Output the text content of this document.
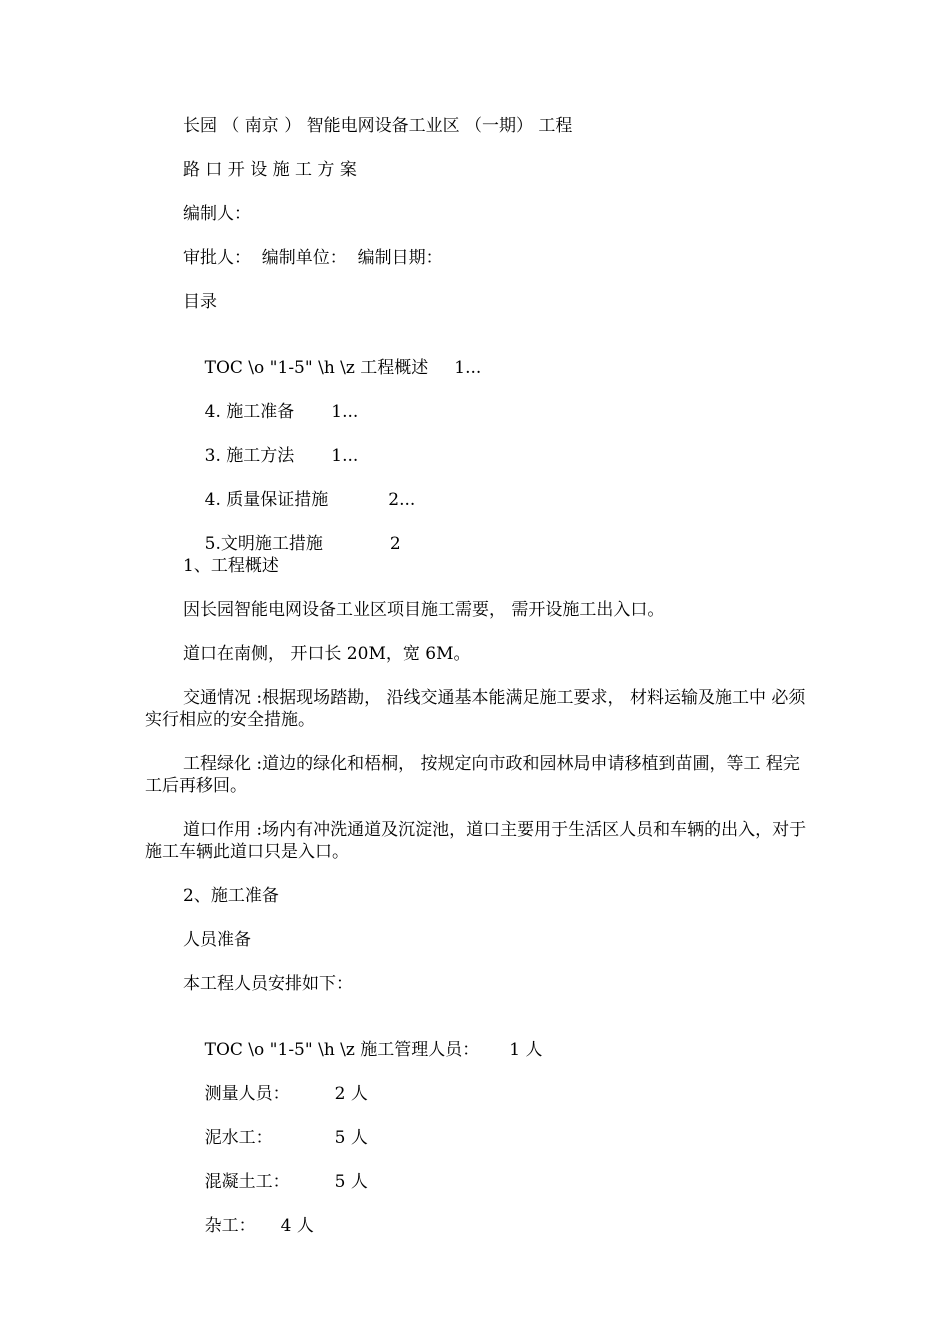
长园 （ 南京 ） 智能电网设备工业区 （一期） 工程
路 口 开 设 施 工 方 案
编制人：
审批人：  编制单位：  编制日期：
目录

TOC \o "1-5" \h \z 工程概述 1...

4. 施工准备 1...

3. 施工方法 1...

4. 质量保证措施	2...

5.文明施工措施	2

1、工程概述
因长园智能电网设备工业区项目施工需要， 需开设施工出入口。
道口在南侧， 开口长 20M，宽 6M。
交通情况 :根据现场踏勘， 沿线交通基本能满足施工要求， 材料运输及施工中 必须实行相应的安全措施。
工程绿化 :道边的绿化和梧桐， 按规定向市政和园林局申请移植到苗圃，等工 程完工后再移回。
道口作用 :场内有冲洗通道及沉淀池，道口主要用于生活区人员和车辆的出入，对于施工车辆此道口只是入口。
2、施工准备
人员准备
本工程人员安排如下：

TOC \o "1-5" \h \z 施工管理人员： 1 人

测量人员：	2 人

泥水工：	5 人

混凝土工：	5 人

杂工： 4 人
